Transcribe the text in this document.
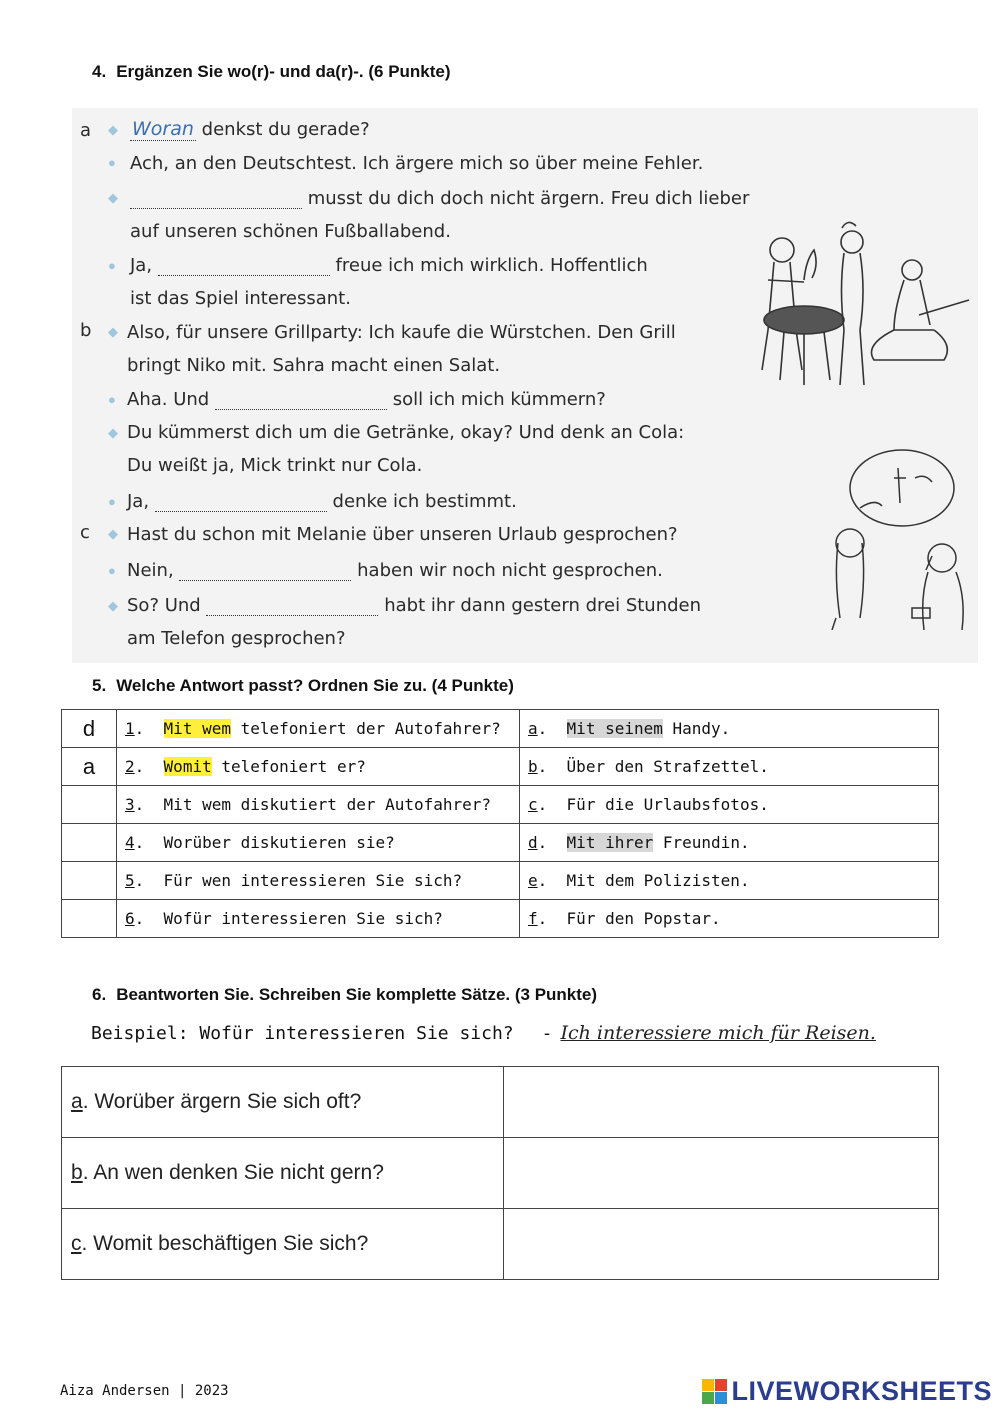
4. Ergänzen Sie wo(r)- und da(r)-. (6 Punkte)
a
b
c
◆ Woran denkst du gerade?
● Ach, an den Deutschtest. Ich ärgere mich so über meine Fehler.
◆	musst du dich doch nicht ärgern. Freu dich lieber
auf unseren schönen Fußballabend.
● Ja,	freue ich mich wirklich. Hoffentlich
ist das Spiel interessant.
◆ Also, für unsere Grillparty: Ich kaufe die Würstchen. Den Grill
bringt Niko mit. Sahra macht einen Salat.
● Aha. Und	soll ich mich kümmern?
◆ Du kümmerst dich um die Getränke, okay? Und denk an Cola:
Du weißt ja, Mick trinkt nur Cola.
● Ja,	denke ich bestimmt.
◆ Hast du schon mit Melanie über unseren Urlaub gesprochen?
● Nein,	haben wir noch nicht gesprochen.
◆ So? Und	habt ihr dann gestern drei Stunden
am Telefon gesprochen?
5. Welche Antwort passt? Ordnen Sie zu. (4 Punkte)
d	1.  Mit wem telefoniert der Autofahrer?	a.  Mit seinem Handy.
a	2.  Womit telefoniert er?	b.  Über den Strafzettel.
	3.  Mit wem diskutiert der Autofahrer?	c.  Für die Urlaubsfotos.
	4.  Worüber diskutieren sie?	d.  Mit ihrer Freundin.
	5.  Für wen interessieren Sie sich?	e.  Mit dem Polizisten.
	6.  Wofür interessieren Sie sich?	f.  Für den Popstar.
6. Beantworten Sie. Schreiben Sie komplette Sätze. (3 Punkte)
Beispiel: Wofür interessieren Sie sich? - Ich interessiere mich für Reisen.
a. Worüber ärgern Sie sich oft?	
b. An wen denken Sie nicht gern?	
c. Womit beschäftigen Sie sich?	
Aiza Andersen | 2023	LIVEWORKSHEETS
